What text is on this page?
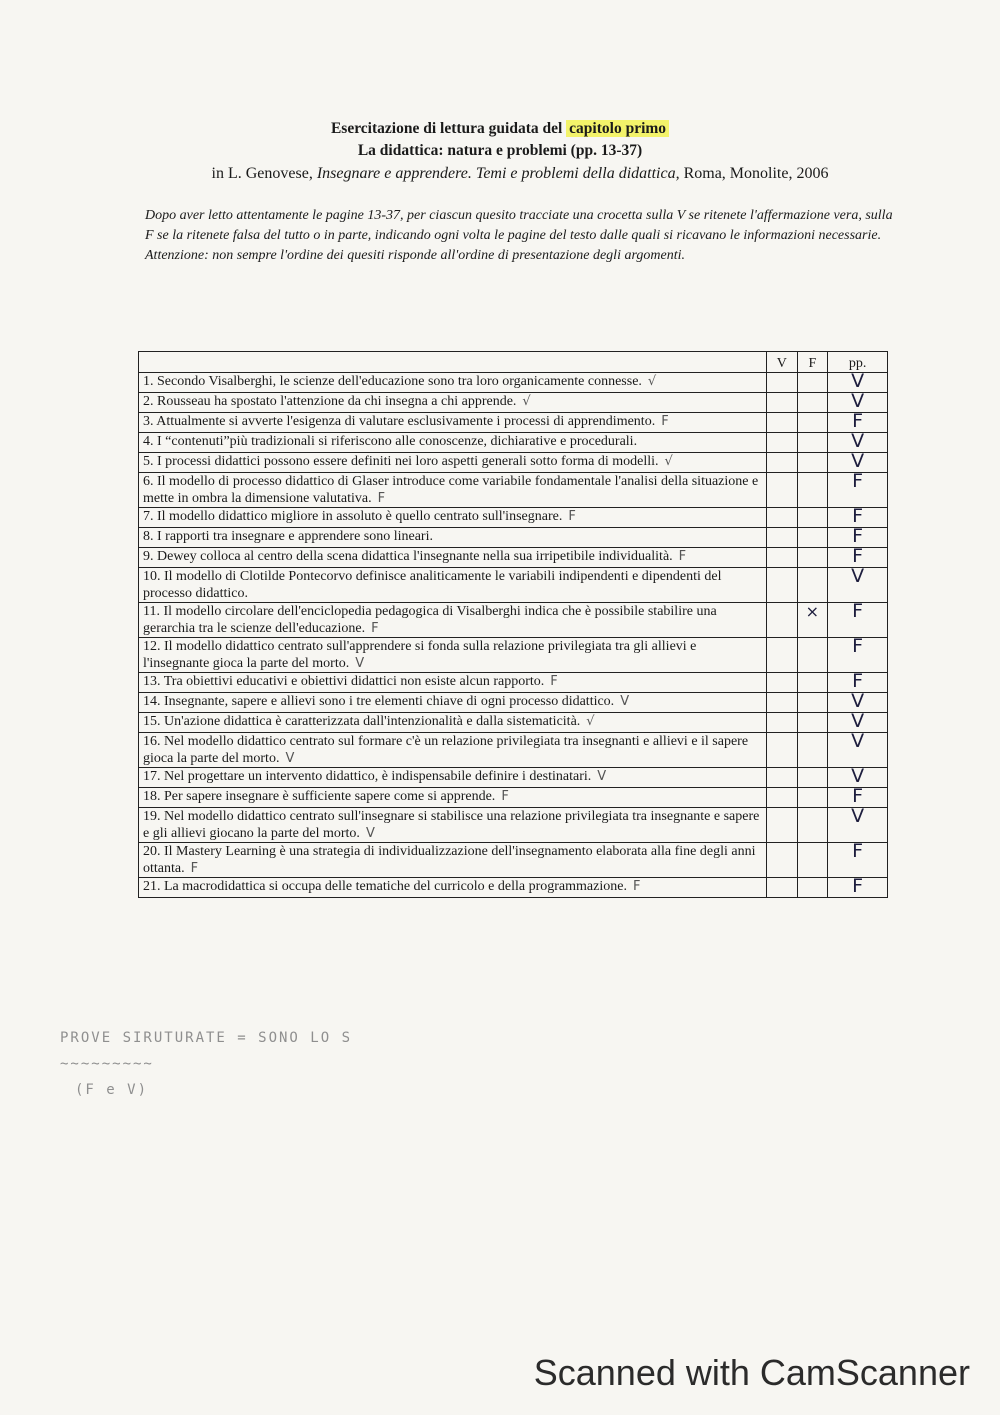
Esercitazione di lettura guidata del capitolo primo
La didattica: natura e problemi (pp. 13-37)
in L. Genovese, Insegnare e apprendere. Temi e problemi della didattica, Roma, Monolite, 2006
Dopo aver letto attentamente le pagine 13-37, per ciascun quesito tracciate una crocetta sulla V se ritenete l'affermazione vera, sulla F se la ritenete falsa del tutto o in parte, indicando ogni volta le pagine del testo dalle quali si ricavano le informazioni necessarie. Attenzione: non sempre l'ordine dei quesiti risponde all'ordine di presentazione degli argomenti.
	V	F	pp.
1. Secondo Visalberghi, le scienze dell'educazione sono tra loro organicamente connesse. √			V
2. Rousseau ha spostato l'attenzione da chi insegna a chi apprende. √			V
3. Attualmente si avverte l'esigenza di valutare esclusivamente i processi di apprendimento. F			F
4. I “contenuti”più tradizionali si riferiscono alle conoscenze, dichiarative e procedurali.			V
5. I processi didattici possono essere definiti nei loro aspetti generali sotto forma di modelli. √			V
6. Il modello di processo didattico di Glaser introduce come variabile fondamentale l'analisi della situazione e mette in ombra la dimensione valutativa. F			F
7. Il modello didattico migliore in assoluto è quello centrato sull'insegnare. F			F
8. I rapporti tra insegnare e apprendere sono lineari.			F
9. Dewey colloca al centro della scena didattica l'insegnante nella sua irripetibile individualità. F			F
10. Il modello di Clotilde Pontecorvo definisce analiticamente le variabili indipendenti e dipendenti del processo didattico.			V
11. Il modello circolare dell'enciclopedia pedagogica di Visalberghi indica che è possibile stabilire una gerarchia tra le scienze dell'educazione. F		×	F
12. Il modello didattico centrato sull'apprendere si fonda sulla relazione privilegiata tra gli allievi e l'insegnante gioca la parte del morto. V			F
13. Tra obiettivi educativi e obiettivi didattici non esiste alcun rapporto. F			F
14. Insegnante, sapere e allievi sono i tre elementi chiave di ogni processo didattico. V			V
15. Un'azione didattica è caratterizzata dall'intenzionalità e dalla sistematicità. √			V
16. Nel modello didattico centrato sul formare c'è un relazione privilegiata tra insegnanti e allievi e il sapere gioca la parte del morto. V			V
17. Nel progettare un intervento didattico, è indispensabile definire i destinatari. V			V
18. Per sapere insegnare è sufficiente sapere come si apprende. F			F
19. Nel modello didattico centrato sull'insegnare si stabilisce una relazione privilegiata tra insegnante e sapere e gli allievi giocano la parte del morto. V			V
20. Il Mastery Learning è una strategia di individualizzazione dell'insegnamento elaborata alla fine degli anni ottanta. F			F
21. La macrodidattica si occupa delle tematiche del curricolo e della programmazione. F			F
PROVE SIRUTURATE = SONO LO S
~~~~~~~~~
(F e V)
Scanned with CamScanner
